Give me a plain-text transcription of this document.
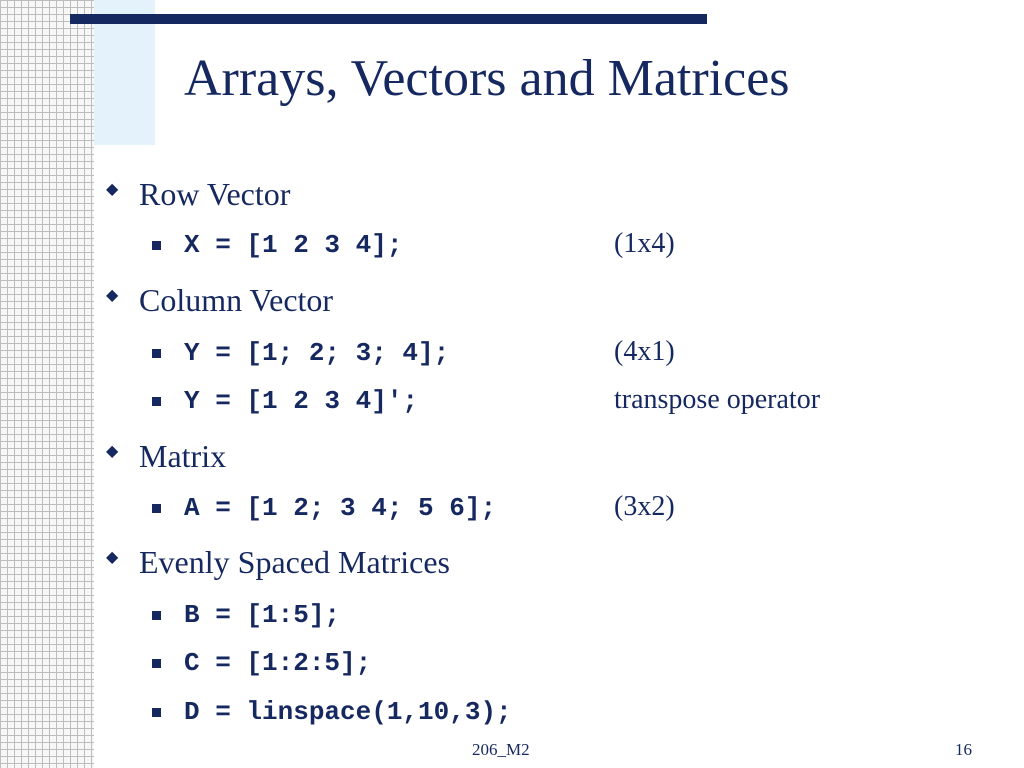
Arrays, Vectors and Matrices
◆ Row Vector
X = [1 2 3 4];	(1x4)
◆ Column Vector
Y = [1; 2; 3; 4];	(4x1)
Y = [1 2 3 4]';	transpose operator
◆ Matrix
A = [1 2; 3 4; 5 6];	(3x2)
◆ Evenly Spaced Matrices
B = [1:5];
C = [1:2:5];
D = linspace(1,10,3);
206_M2	16
